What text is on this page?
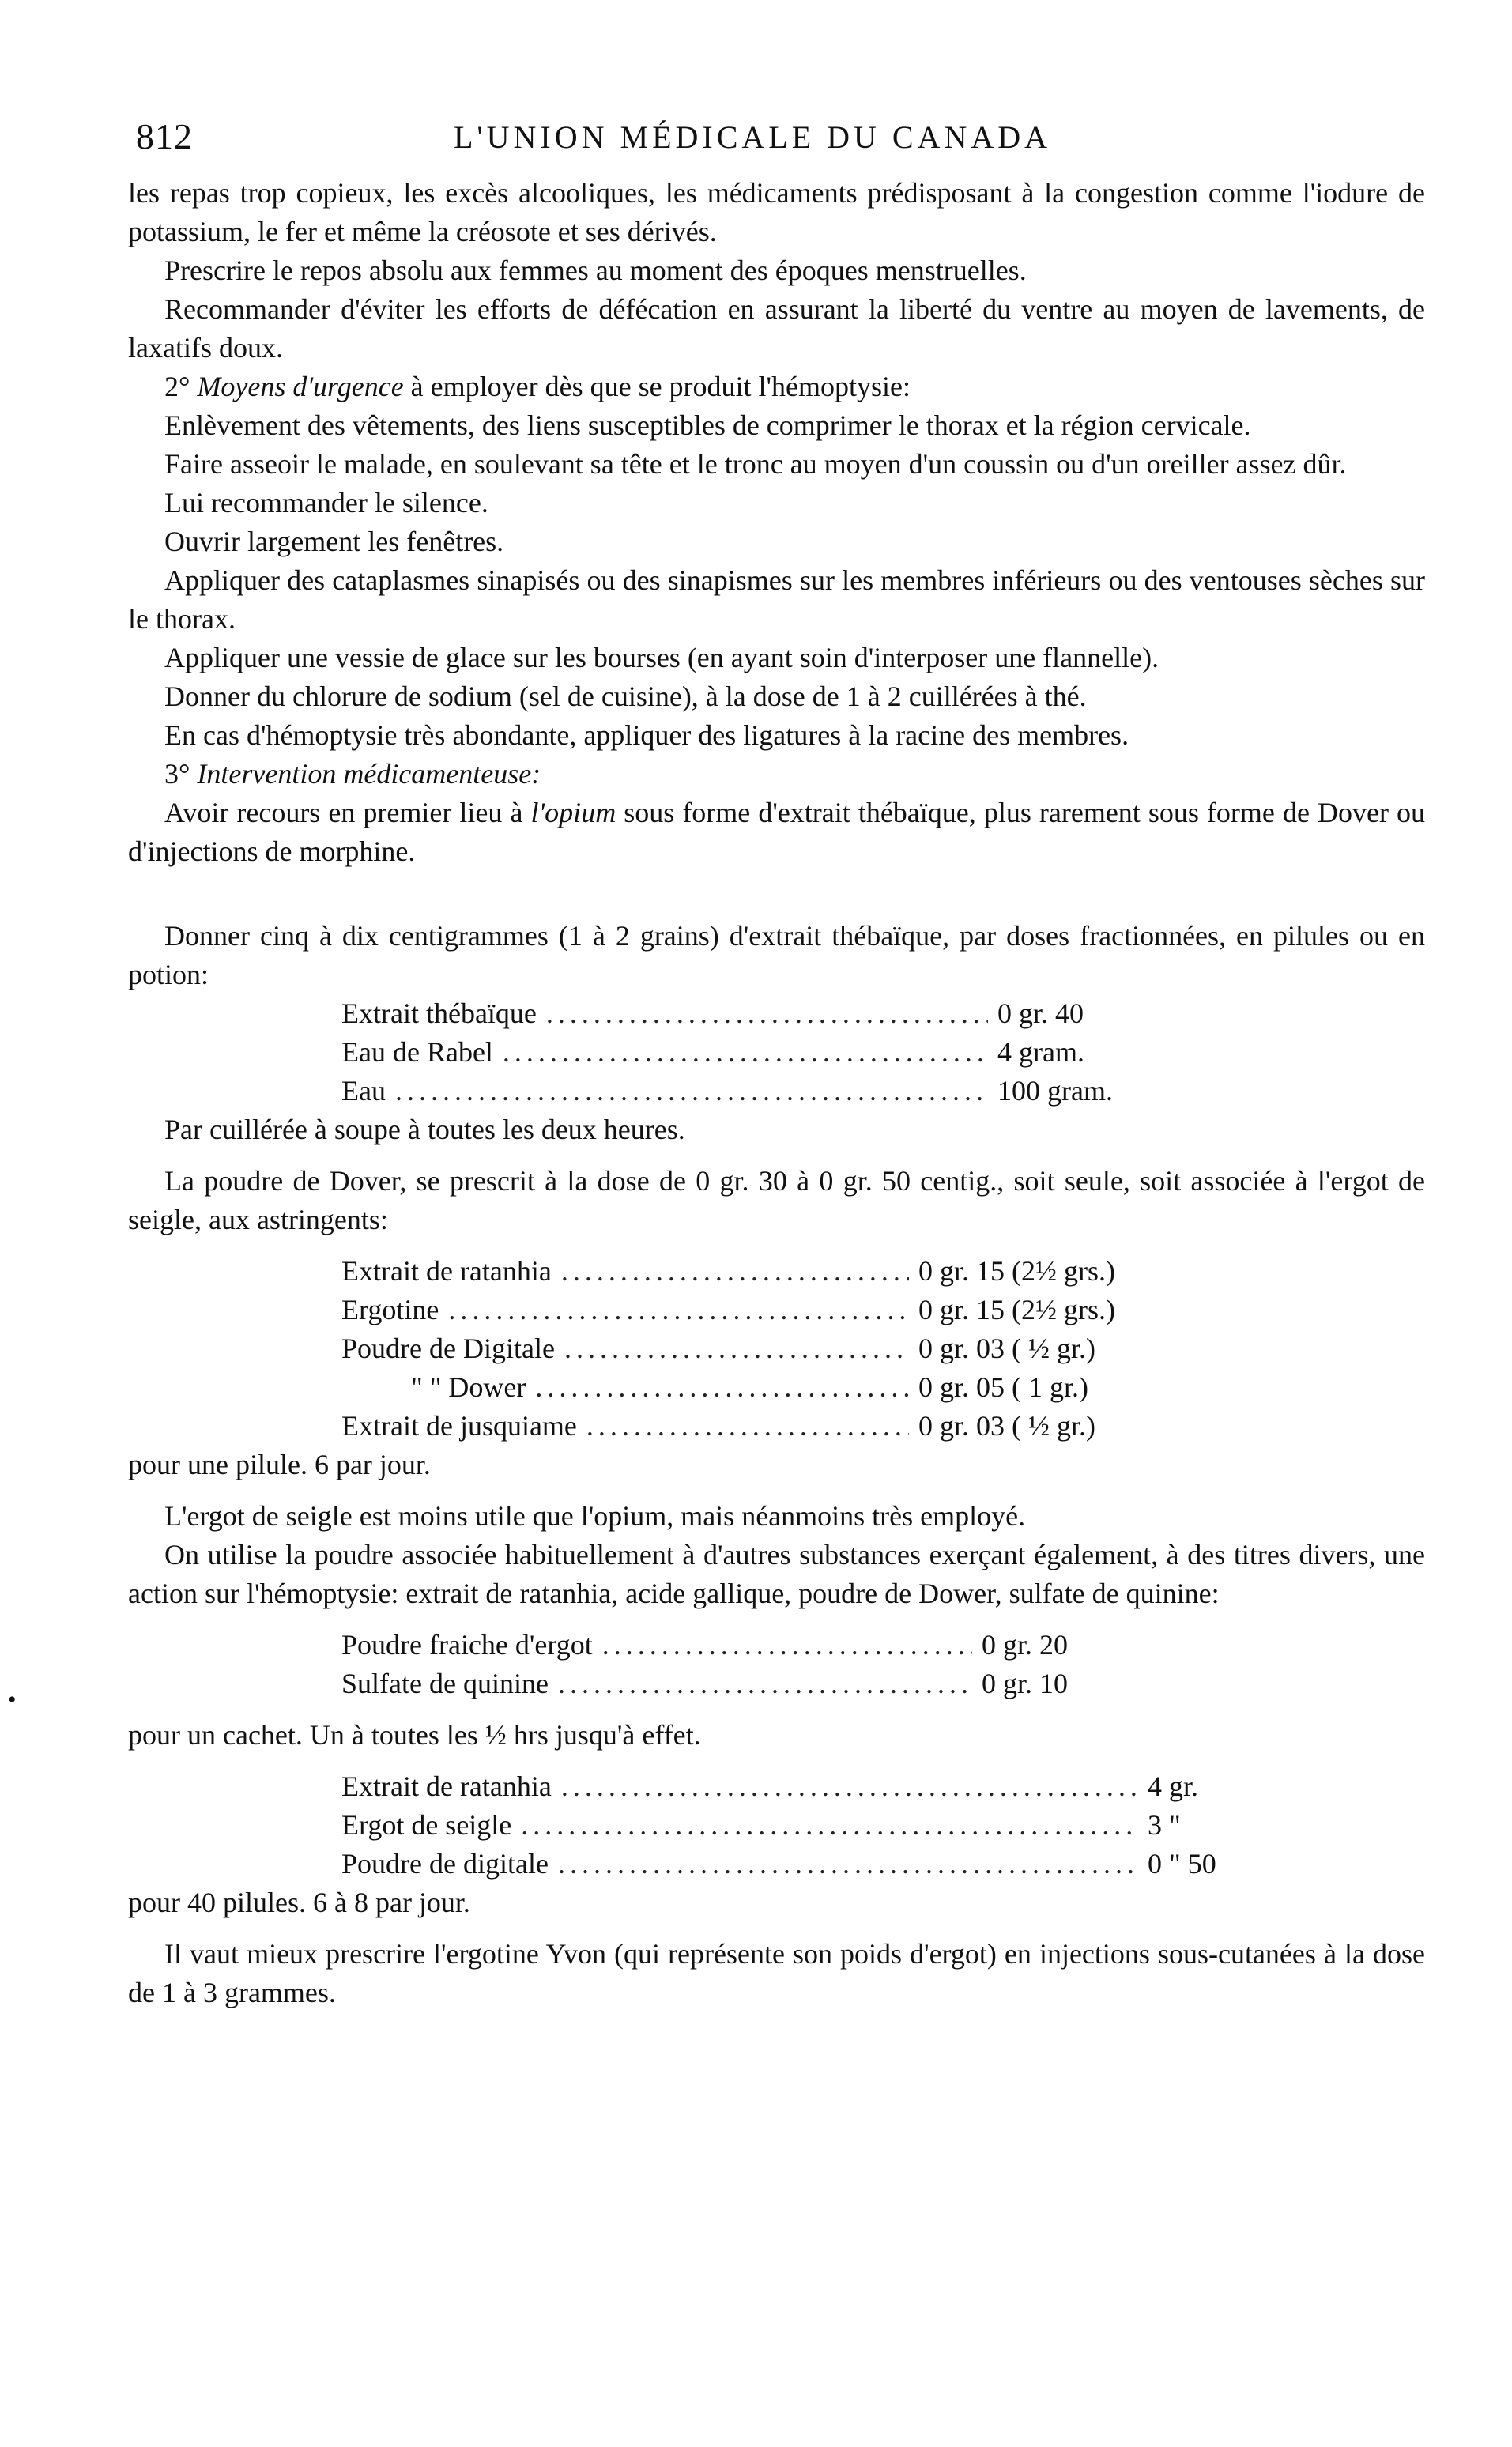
812	L'UNION MÉDICALE DU CANADA

les repas trop copieux, les excès alcooliques, les médicaments prédisposant à la congestion comme l'iodure de potassium, le fer et même la créosote et ses dérivés.

Prescrire le repos absolu aux femmes au moment des époques menstruelles.

Recommander d'éviter les efforts de défécation en assurant la liberté du ventre au moyen de lavements, de laxatifs doux.

2° Moyens d'urgence à employer dès que se produit l'hémoptysie:

Enlèvement des vêtements, des liens susceptibles de comprimer le thorax et la région cervicale.

Faire asseoir le malade, en soulevant sa tête et le tronc au moyen d'un coussin ou d'un oreiller assez dûr.

Lui recommander le silence.

Ouvrir largement les fenêtres.

Appliquer des cataplasmes sinapisés ou des sinapismes sur les membres inférieurs ou des ventouses sèches sur le thorax.

Appliquer une vessie de glace sur les bourses (en ayant soin d'interposer une flannelle).

Donner du chlorure de sodium (sel de cuisine), à la dose de 1 à 2 cuillérées à thé.

En cas d'hémoptysie très abondante, appliquer des ligatures à la racine des membres.

3° Intervention médicamenteuse:

Avoir recours en premier lieu à l'opium sous forme d'extrait thébaïque, plus rarement sous forme de Dover ou d'injections de morphine.

Donner cinq à dix centigrammes (1 à 2 grains) d'extrait thébaïque, par doses fractionnées, en pilules ou en potion:

Extrait thébaïque .....	0 gr. 40
Eau de Rabel .....	4 gram.
Eau .....	100 gram.

Par cuillérée à soupe à toutes les deux heures.

La poudre de Dover, se prescrit à la dose de 0 gr. 30 à 0 gr. 50 centig., soit seule, soit associée à l'ergot de seigle, aux astringents:

Extrait de ratanhia .....	0 gr. 15 (2½ grs.)
Ergotine .....	0 gr. 15 (2½ grs.)
Poudre de Digitale .....	0 gr. 03 ( ½ gr.)
" " Dower .....	0 gr. 05 ( 1 gr.)
Extrait de jusquiame .....	0 gr. 03 ( ½ gr.)

pour une pilule. 6 par jour.

L'ergot de seigle est moins utile que l'opium, mais néanmoins très employé.

On utilise la poudre associée habituellement à d'autres substances exerçant également, à des titres divers, une action sur l'hémoptysie: extrait de ratanhia, acide gallique, poudre de Dower, sulfate de quinine:

Poudre fraiche d'ergot .....	0 gr. 20
Sulfate de quinine .....	0 gr. 10

pour un cachet. Un à toutes les ½ hrs jusqu'à effet.

Extrait de ratanhia .....	4 gr.
Ergot de seigle .....	3 "
Poudre de digitale .....	0 " 50

pour 40 pilules. 6 à 8 par jour.

Il vaut mieux prescrire l'ergotine Yvon (qui représente son poids d'ergot) en injections sous-cutanées à la dose de 1 à 3 grammes.

•
